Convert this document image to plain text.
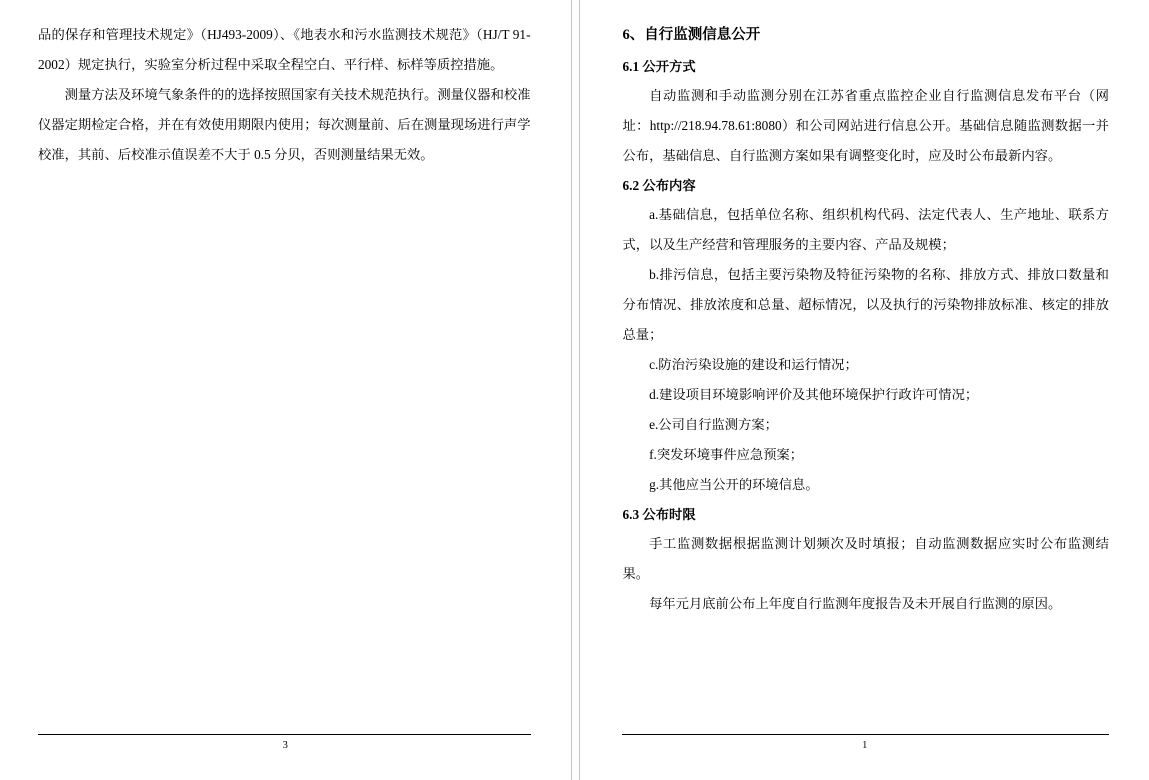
品的保存和管理技术规定》（HJ493-2009）、《地表水和污水监测技术规范》（HJ/T 91-2002）规定执行，实验室分析过程中采取全程空白、平行样、标样等质控措施。

测量方法及环境气象条件的的选择按照国家有关技术规范执行。测量仪器和校准仪器定期检定合格，并在有效使用期限内使用；每次测量前、后在测量现场进行声学校准，其前、后校准示值误差不大于 0.5 分贝，否则测量结果无效。

3
6、自行监测信息公开
6.1 公开方式

自动监测和手动监测分别在江苏省重点监控企业自行监测信息发布平台（网址：http://218.94.78.61:8080）和公司网站进行信息公开。基础信息随监测数据一并公布，基础信息、自行监测方案如果有调整变化时，应及时公布最新内容。

6.2 公布内容

a.基础信息，包括单位名称、组织机构代码、法定代表人、生产地址、联系方式，以及生产经营和管理服务的主要内容、产品及规模；

b.排污信息，包括主要污染物及特征污染物的名称、排放方式、排放口数量和分布情况、排放浓度和总量、超标情况，以及执行的污染物排放标准、核定的排放总量；

c.防治污染设施的建设和运行情况；

d.建设项目环境影响评价及其他环境保护行政许可情况；

e.公司自行监测方案；

f.突发环境事件应急预案；

g.其他应当公开的环境信息。

6.3 公布时限

手工监测数据根据监测计划频次及时填报；自动监测数据应实时公布监测结果。

每年元月底前公布上年度自行监测年度报告及未开展自行监测的原因。

1
